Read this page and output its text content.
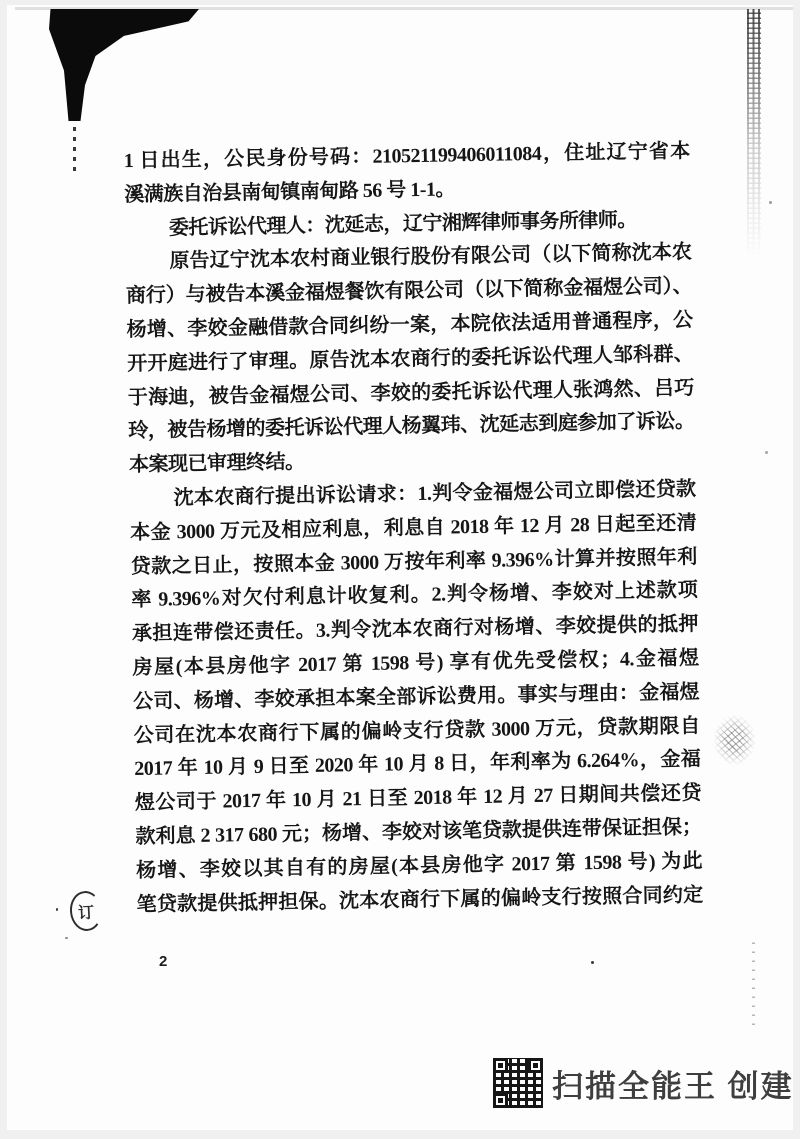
1 日出生，公民身份号码：210521199406011084，住址辽宁省本
溪满族自治县南甸镇南甸路 56 号 1-1。
委托诉讼代理人：沈延志，辽宁湘辉律师事务所律师。
原告辽宁沈本农村商业银行股份有限公司（以下简称沈本农
商行）与被告本溪金福煜餐饮有限公司（以下简称金福煜公司）、
杨增、李姣金融借款合同纠纷一案，本院依法适用普通程序，公
开开庭进行了审理。原告沈本农商行的委托诉讼代理人邹科群、
于海迪，被告金福煜公司、李姣的委托诉讼代理人张鸿然、吕巧
玲，被告杨增的委托诉讼代理人杨翼玮、沈延志到庭参加了诉讼。
本案现已审理终结。
沈本农商行提出诉讼请求：1.判令金福煜公司立即偿还贷款
本金 3000 万元及相应利息，利息自 2018 年 12 月 28 日起至还清
贷款之日止，按照本金 3000 万按年利率 9.396%计算并按照年利
率 9.396%对欠付利息计收复利。2.判令杨增、李姣对上述款项
承担连带偿还责任。3.判令沈本农商行对杨增、李姣提供的抵押
房屋(本县房他字 2017 第 1598 号) 享有优先受偿权；4.金福煜
公司、杨增、李姣承担本案全部诉讼费用。事实与理由：金福煜
公司在沈本农商行下属的偏岭支行贷款 3000 万元，贷款期限自
2017 年 10 月 9 日至 2020 年 10 月 8 日，年利率为 6.264%，金福
煜公司于 2017 年 10 月 21 日至 2018 年 12 月 27 日期间共偿还贷
款利息 2 317 680 元；杨增、李姣对该笔贷款提供连带保证担保；
杨增、李姣以其自有的房屋(本县房他字 2017 第 1598 号) 为此
笔贷款提供抵押担保。沈本农商行下属的偏岭支行按照合同约定
订
2
扫描全能王 创建
